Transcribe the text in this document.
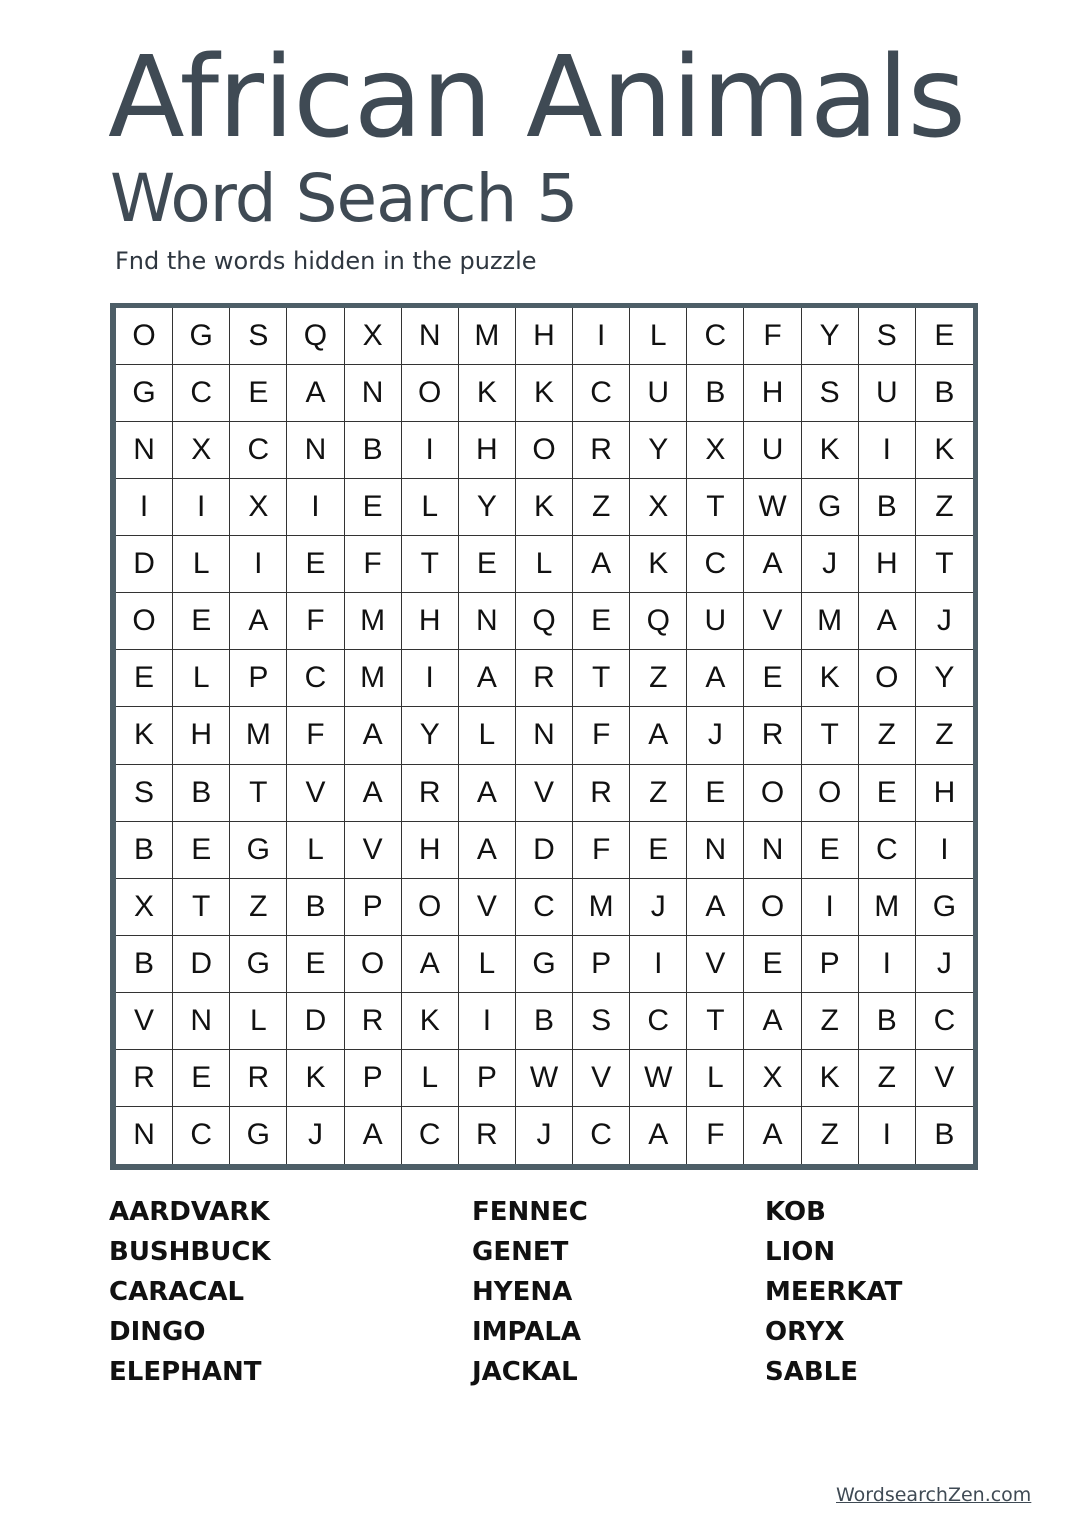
African Animals
Word Search 5
Fnd the words hidden in the puzzle
O	G	S	Q	X	N	M	H	I	L	C	F	Y	S	E
G	C	E	A	N	O	K	K	C	U	B	H	S	U	B
N	X	C	N	B	I	H	O	R	Y	X	U	K	I	K
I	I	X	I	E	L	Y	K	Z	X	T	W	G	B	Z
D	L	I	E	F	T	E	L	A	K	C	A	J	H	T
O	E	A	F	M	H	N	Q	E	Q	U	V	M	A	J
E	L	P	C	M	I	A	R	T	Z	A	E	K	O	Y
K	H	M	F	A	Y	L	N	F	A	J	R	T	Z	Z
S	B	T	V	A	R	A	V	R	Z	E	O	O	E	H
B	E	G	L	V	H	A	D	F	E	N	N	E	C	I
X	T	Z	B	P	O	V	C	M	J	A	O	I	M	G
B	D	G	E	O	A	L	G	P	I	V	E	P	I	J
V	N	L	D	R	K	I	B	S	C	T	A	Z	B	C
R	E	R	K	P	L	P	W	V	W	L	X	K	Z	V
N	C	G	J	A	C	R	J	C	A	F	A	Z	I	B
AARDVARK
BUSHBUCK
CARACAL
DINGO
ELEPHANT
FENNEC
GENET
HYENA
IMPALA
JACKAL
KOB
LION
MEERKAT
ORYX
SABLE
WordsearchZen.com
